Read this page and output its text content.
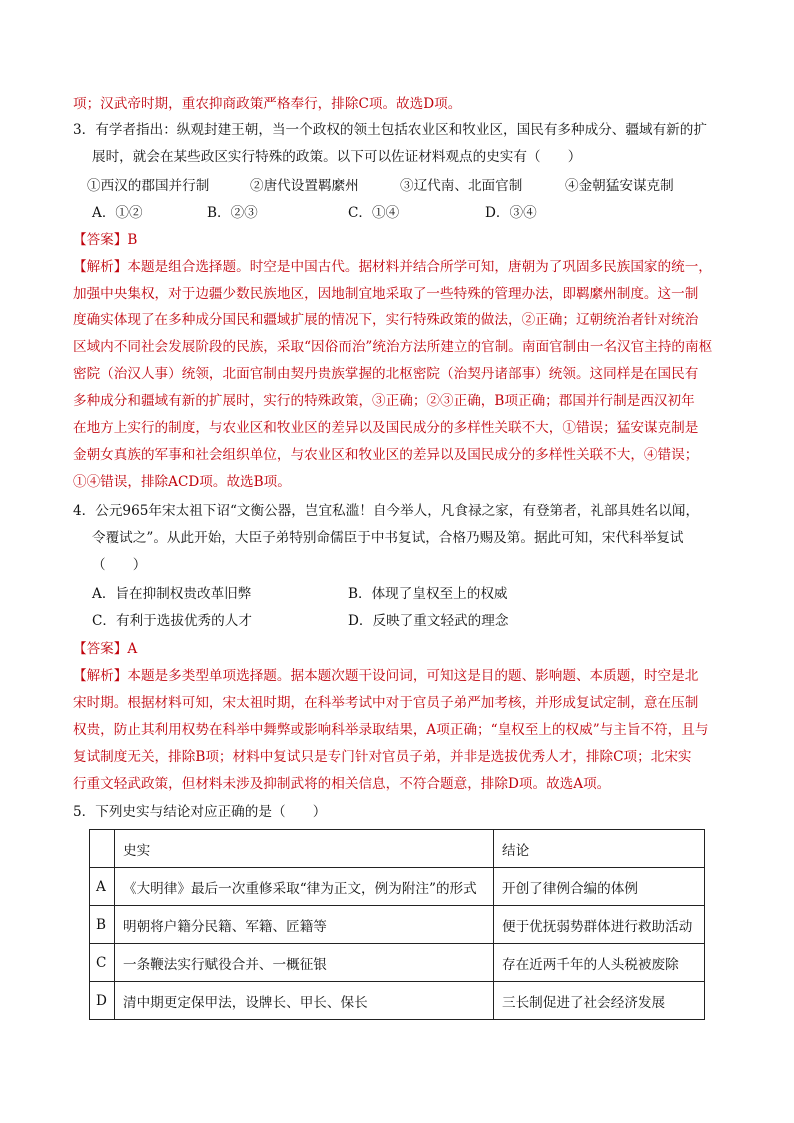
项；汉武帝时期，重农抑商政策严格奉行，排除C项。故选D项。
3．有学者指出：纵观封建王朝，当一个政权的领土包括农业区和牧业区，国民有多种成分、疆域有新的扩
展时，就会在某些政区实行特殊的政策。以下可以佐证材料观点的史实有（　　）
①西汉的郡国并行制	②唐代设置羁縻州	③辽代南、北面官制	④金朝猛安谋克制
A．①②	B．②③	C．①④	D．③④
【答案】B
【解析】本题是组合选择题。时空是中国古代。据材料并结合所学可知，唐朝为了巩固多民族国家的统一，
加强中央集权，对于边疆少数民族地区，因地制宜地采取了一些特殊的管理办法，即羁縻州制度。这一制
度确实体现了在多种成分国民和疆域扩展的情况下，实行特殊政策的做法，②正确；辽朝统治者针对统治
区域内不同社会发展阶段的民族，采取“因俗而治”统治方法所建立的官制。南面官制由一名汉官主持的南枢
密院（治汉人事）统领，北面官制由契丹贵族掌握的北枢密院（治契丹诸部事）统领。这同样是在国民有
多种成分和疆域有新的扩展时，实行的特殊政策，③正确；②③正确，B项正确；郡国并行制是西汉初年
在地方上实行的制度，与农业区和牧业区的差异以及国民成分的多样性关联不大，①错误；猛安谋克制是
金朝女真族的军事和社会组织单位，与农业区和牧业区的差异以及国民成分的多样性关联不大，④错误；
①④错误，排除ACD项。故选B项。
4．公元965年宋太祖下诏“文衡公器，岂宜私滥！自今举人，凡食禄之家，有登第者，礼部具姓名以闻，
令覆试之”。从此开始，大臣子弟特别命儒臣于中书复试，合格乃赐及第。据此可知，宋代科举复试
（　　）
A．旨在抑制权贵改革旧弊	B．体现了皇权至上的权威
C．有利于选拔优秀的人才	D．反映了重文轻武的理念
【答案】A
【解析】本题是多类型单项选择题。据本题次题干设问词，可知这是目的题、影响题、本质题，时空是北
宋时期。根据材料可知，宋太祖时期，在科举考试中对于官员子弟严加考核，并形成复试定制，意在压制
权贵，防止其利用权势在科举中舞弊或影响科举录取结果，A项正确；“皇权至上的权威”与主旨不符，且与
复试制度无关，排除B项；材料中复试只是专门针对官员子弟，并非是选拔优秀人才，排除C项；北宋实
行重文轻武政策，但材料未涉及抑制武将的相关信息，不符合题意，排除D项。故选A项。
5．下列史实与结论对应正确的是（　　）
	史实	结论
A	《大明律》最后一次重修采取“律为正文，例为附注”的形式	开创了律例合编的体例
B	明朝将户籍分民籍、军籍、匠籍等	便于优抚弱势群体进行救助活动
C	一条鞭法实行赋役合并、一概征银	存在近两千年的人头税被废除
D	清中期更定保甲法，设牌长、甲长、保长	三长制促进了社会经济发展
